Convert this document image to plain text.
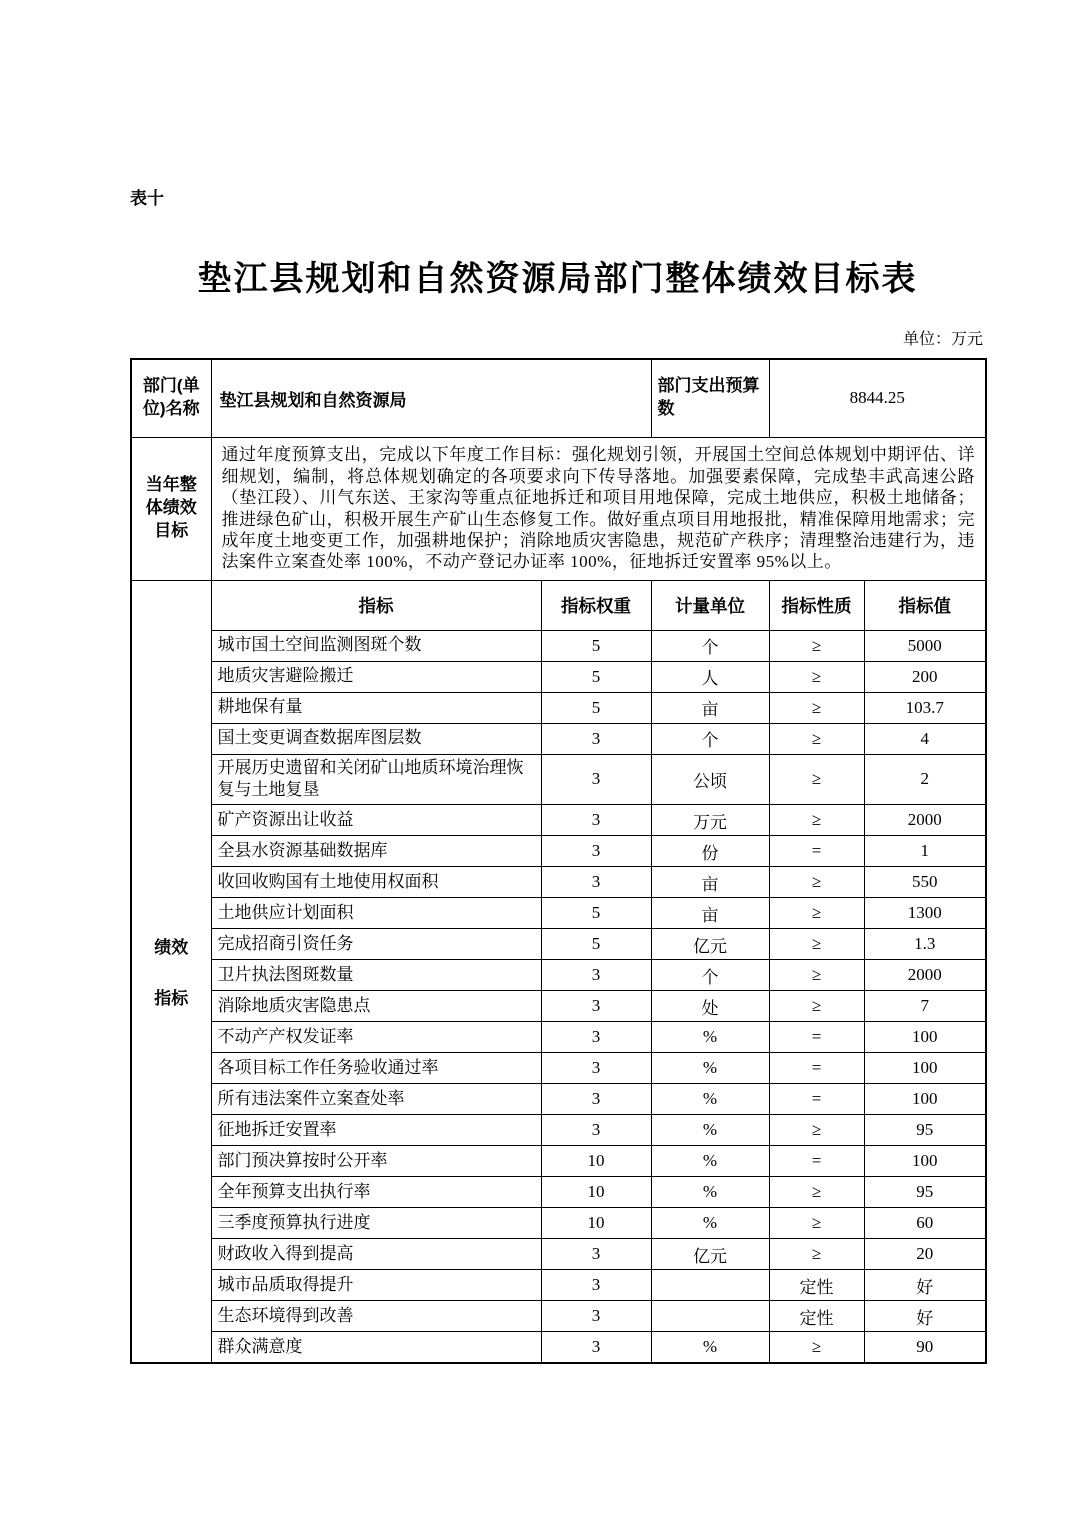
表十
垫江县规划和自然资源局部门整体绩效目标表
单位：万元
部门(单位)名称	垫江县规划和自然资源局		部门支出预算数	8844.25	
当年整体绩效目标	通过年度预算支出，完成以下年度工作目标：强化规划引领，开展国土空间总体规划中期评估、详细规划，编制，将总体规划确定的各项要求向下传导落地。加强要素保障，完成垫丰武高速公路（垫江段）、川气东送、王家沟等重点征地拆迁和项目用地保障，完成土地供应，积极土地储备；推进绿色矿山，积极开展生产矿山生态修复工作。做好重点项目用地报批，精准保障用地需求；完成年度土地变更工作，加强耕地保护；消除地质灾害隐患，规范矿产秩序；清理整治违建行为，违法案件立案查处率 100%，不动产登记办证率 100%，征地拆迁安置率 95%以上。				

绩效
指标	指标	指标权重	计量单位	指标性质	指标值
	城市国土空间监测图斑个数	5	个	≥	5000
	地质灾害避险搬迁	5	人	≥	200
	耕地保有量	5	亩	≥	103.7
	国土变更调查数据库图层数	3	个	≥	4
	开展历史遗留和关闭矿山地质环境治理恢复与土地复垦	3	公顷	≥	2
	矿产资源出让收益	3	万元	≥	2000
	全县水资源基础数据库	3	份	=	1
	收回收购国有土地使用权面积	3	亩	≥	550
	土地供应计划面积	5	亩	≥	1300
	完成招商引资任务	5	亿元	≥	1.3
	卫片执法图斑数量	3	个	≥	2000
	消除地质灾害隐患点	3	处	≥	7
	不动产产权发证率	3	%	=	100
	各项目标工作任务验收通过率	3	%	=	100
	所有违法案件立案查处率	3	%	=	100
	征地拆迁安置率	3	%	≥	95
	部门预决算按时公开率	10	%	=	100
	全年预算支出执行率	10	%	≥	95
	三季度预算执行进度	10	%	≥	60
	财政收入得到提高	3	亿元	≥	20
	城市品质取得提升	3		定性	好
	生态环境得到改善	3		定性	好
	群众满意度	3	%	≥	90
